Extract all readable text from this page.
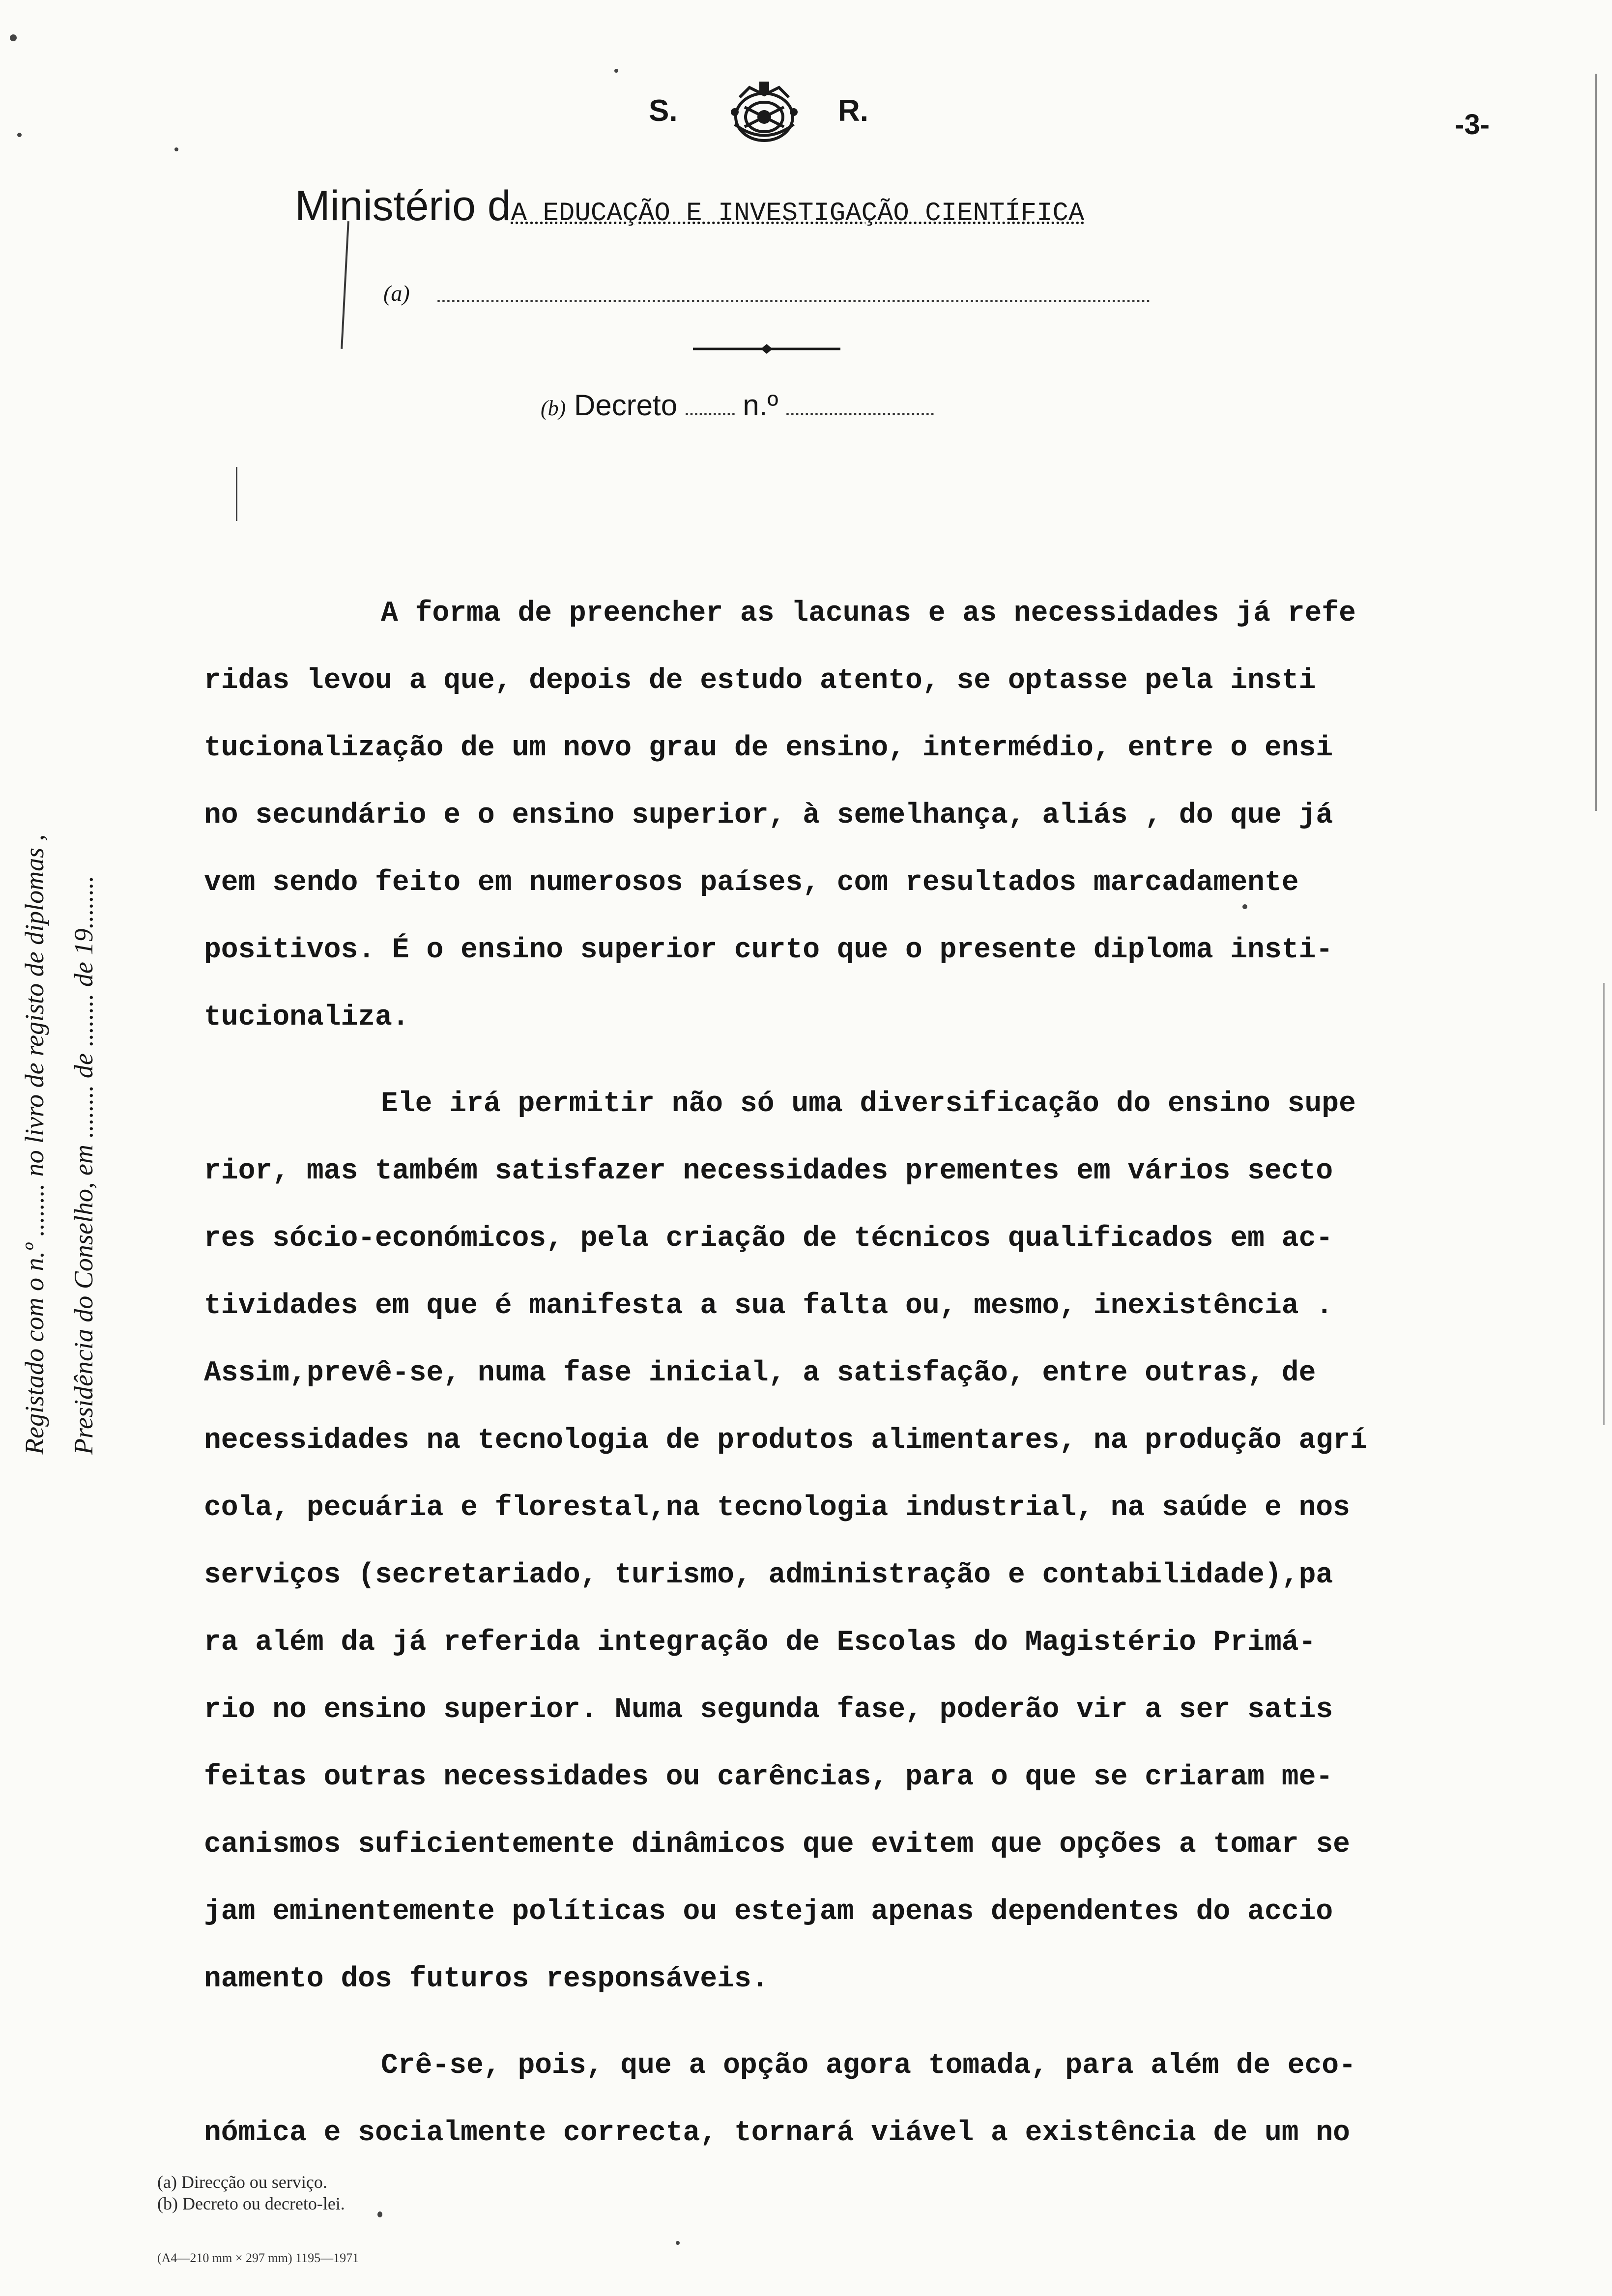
S.	R.	-3-
Ministério dA EDUCAÇÃO E INVESTIGAÇÃO CIENTÍFICA
(a)
(b) Decreto n.º
A forma de preencher as lacunas e as necessidades já refe
ridas levou a que, depois de estudo atento, se optasse pela insti
tucionalização de um novo grau de ensino, intermédio, entre o ensi
no secundário e o ensino superior, à semelhança, aliás , do que já
vem sendo feito em numerosos países, com resultados marcadamente
positivos. É o ensino superior curto que o presente diploma insti-
tucionaliza.
Ele irá permitir não só uma diversificação do ensino supe
rior, mas também satisfazer necessidades prementes em vários secto
res sócio-económicos, pela criação de técnicos qualificados em ac-
tividades em que é manifesta a sua falta ou, mesmo, inexistência .
Assim,prevê-se, numa fase inicial, a satisfação, entre outras, de
necessidades na tecnologia de produtos alimentares, na produção agrí
cola, pecuária e florestal,na tecnologia industrial, na saúde e nos
serviços (secretariado, turismo, administração e contabilidade),pa
ra além da já referida integração de Escolas do Magistério Primá-
rio no ensino superior. Numa segunda fase, poderão vir a ser satis
feitas outras necessidades ou carências, para o que se criaram me-
canismos suficientemente dinâmicos que evitem que opções a tomar se
jam eminentemente políticas ou estejam apenas dependentes do accio
namento dos futuros responsáveis.
Crê-se, pois, que a opção agora tomada, para além de eco-
nómica e socialmente correcta, tornará viável a existência de um no
Registado com o n.º ........ no livro de registo de diplomas , Presidência do Conselho, em ........ de ........ de 19........
(a) Direcção ou serviço.
(b) Decreto ou decreto-lei.
(A4—210 mm × 297 mm) 1195—1971
